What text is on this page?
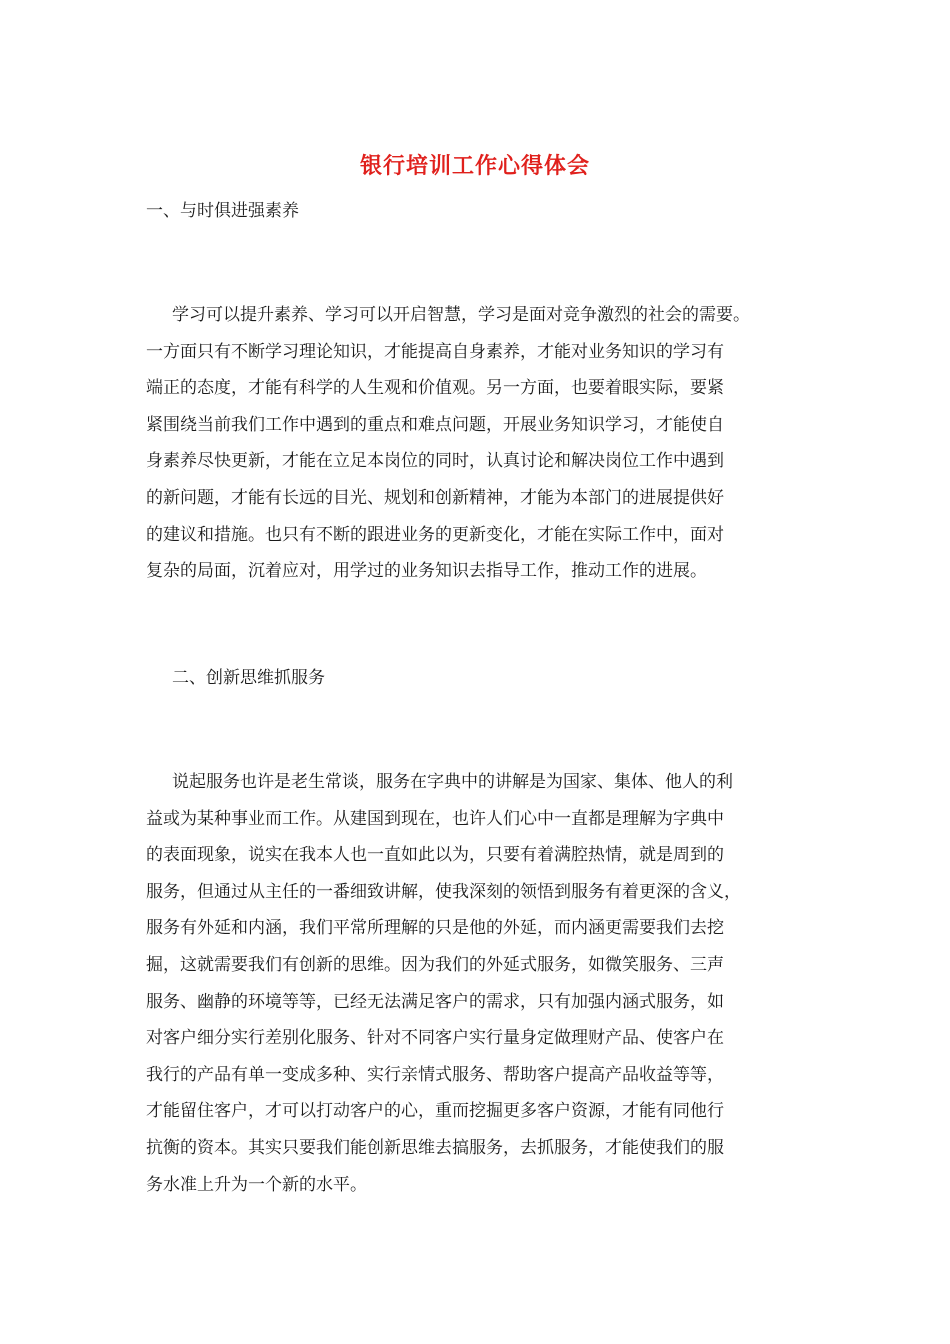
银行培训工作心得体会
一、与时俱进强素养
学习可以提升素养、学习可以开启智慧，学习是面对竞争激烈的社会的需要。
一方面只有不断学习理论知识，才能提高自身素养，才能对业务知识的学习有
端正的态度，才能有科学的人生观和价值观。另一方面，也要着眼实际，要紧
紧围绕当前我们工作中遇到的重点和难点问题，开展业务知识学习，才能使自
身素养尽快更新，才能在立足本岗位的同时，认真讨论和解决岗位工作中遇到
的新问题，才能有长远的目光、规划和创新精神，才能为本部门的进展提供好
的建议和措施。也只有不断的跟进业务的更新变化，才能在实际工作中，面对
复杂的局面，沉着应对，用学过的业务知识去指导工作，推动工作的进展。
二、创新思维抓服务
说起服务也许是老生常谈，服务在字典中的讲解是为国家、集体、他人的利
益或为某种事业而工作。从建国到现在，也许人们心中一直都是理解为字典中
的表面现象，说实在我本人也一直如此以为，只要有着满腔热情，就是周到的
服务，但通过从主任的一番细致讲解，使我深刻的领悟到服务有着更深的含义，
服务有外延和内涵，我们平常所理解的只是他的外延，而内涵更需要我们去挖
掘，这就需要我们有创新的思维。因为我们的外延式服务，如微笑服务、三声
服务、幽静的环境等等，已经无法满足客户的需求，只有加强内涵式服务，如
对客户细分实行差别化服务、针对不同客户实行量身定做理财产品、使客户在
我行的产品有单一变成多种、实行亲情式服务、帮助客户提高产品收益等等，
才能留住客户，才可以打动客户的心，重而挖掘更多客户资源，才能有同他行
抗衡的资本。其实只要我们能创新思维去搞服务，去抓服务，才能使我们的服
务水准上升为一个新的水平。
